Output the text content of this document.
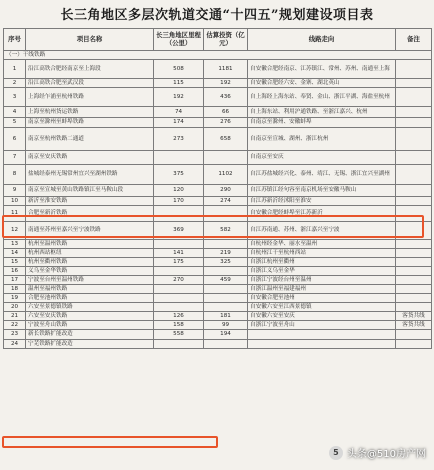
长三角地区多层次轨道交通“十四五”规划建设项目表
序号	项目名称	长三角地区里程（公里）	估算投资（亿元）	线路走向	备注
（一）干线铁路					
1	沿江高铁合肥经南京至上海段	508	1181	自安徽合肥经南京、江苏镇江、常州、苏州、南通至上海	
2	沿江高铁合肥至武汉段	115	192	自安徽合肥经六安、金寨、湖北英山	
3	上海经乍浦至杭州铁路	192	436	自上海经上海东站、奉贤、金山、浙江平湖、海盐至杭州	
4	上海至杭州货运铁路	74	66	自上海东站、利用沪通铁路、至浙江嘉兴、杭州	
5	南京至滁州至蚌埠铁路	174	276	自南京至滁州、安徽蚌埠	
6	南京至杭州铁路二通道	273	658	自南京至宣城、湖州、浙江杭州	
7	南京至安庆铁路			自南京至安庆	
8	盐城经泰州无锡常州宜兴至湖州铁路	375	1102	自江苏盐城经兴化、泰州、靖江、无锡、浙江宜兴至湖州	
9	南京至宣城至黄山铁路镇江至马鞍山段	120	290	自江苏镇江经句容至南京机场至安徽马鞍山	
10	新沂至淮安铁路	170	274	自江苏新沂经沭阳至淮安	
11	合肥至新沂铁路			自安徽合肥经蚌埠至江苏新沂	
12	南通至苏州至嘉兴至宁波铁路	369	582	自江苏南通、苏州、浙江嘉兴至宁波	
13	杭州至温州铁路			自杭州经金华、丽水至温州	
14	杭州西站枢纽	141	219	自杭州江干至杭州西站	
15	杭州至衢州铁路	175	325	自浙江杭州至衢州	
16	义乌至金华铁路			自浙江义乌至金华	
17	宁波至台州至温州铁路	270	459	自浙江宁波经台州至温州	
18	温州至福州铁路			自浙江温州至福建福州	
19	合肥至池州铁路			自安徽合肥至池州	
20	六安至景德镇铁路			自安徽六安至江西景德镇	
21	六安至安庆铁路	126	181	自安徽六安至安庆	客货共线
22	宁波至舟山铁路	158	99	自浙江宁波至舟山	客货共线
23	新长铁路扩能改造	558	194		
24	宁芜铁路扩能改造				
5 头条@510房产网
